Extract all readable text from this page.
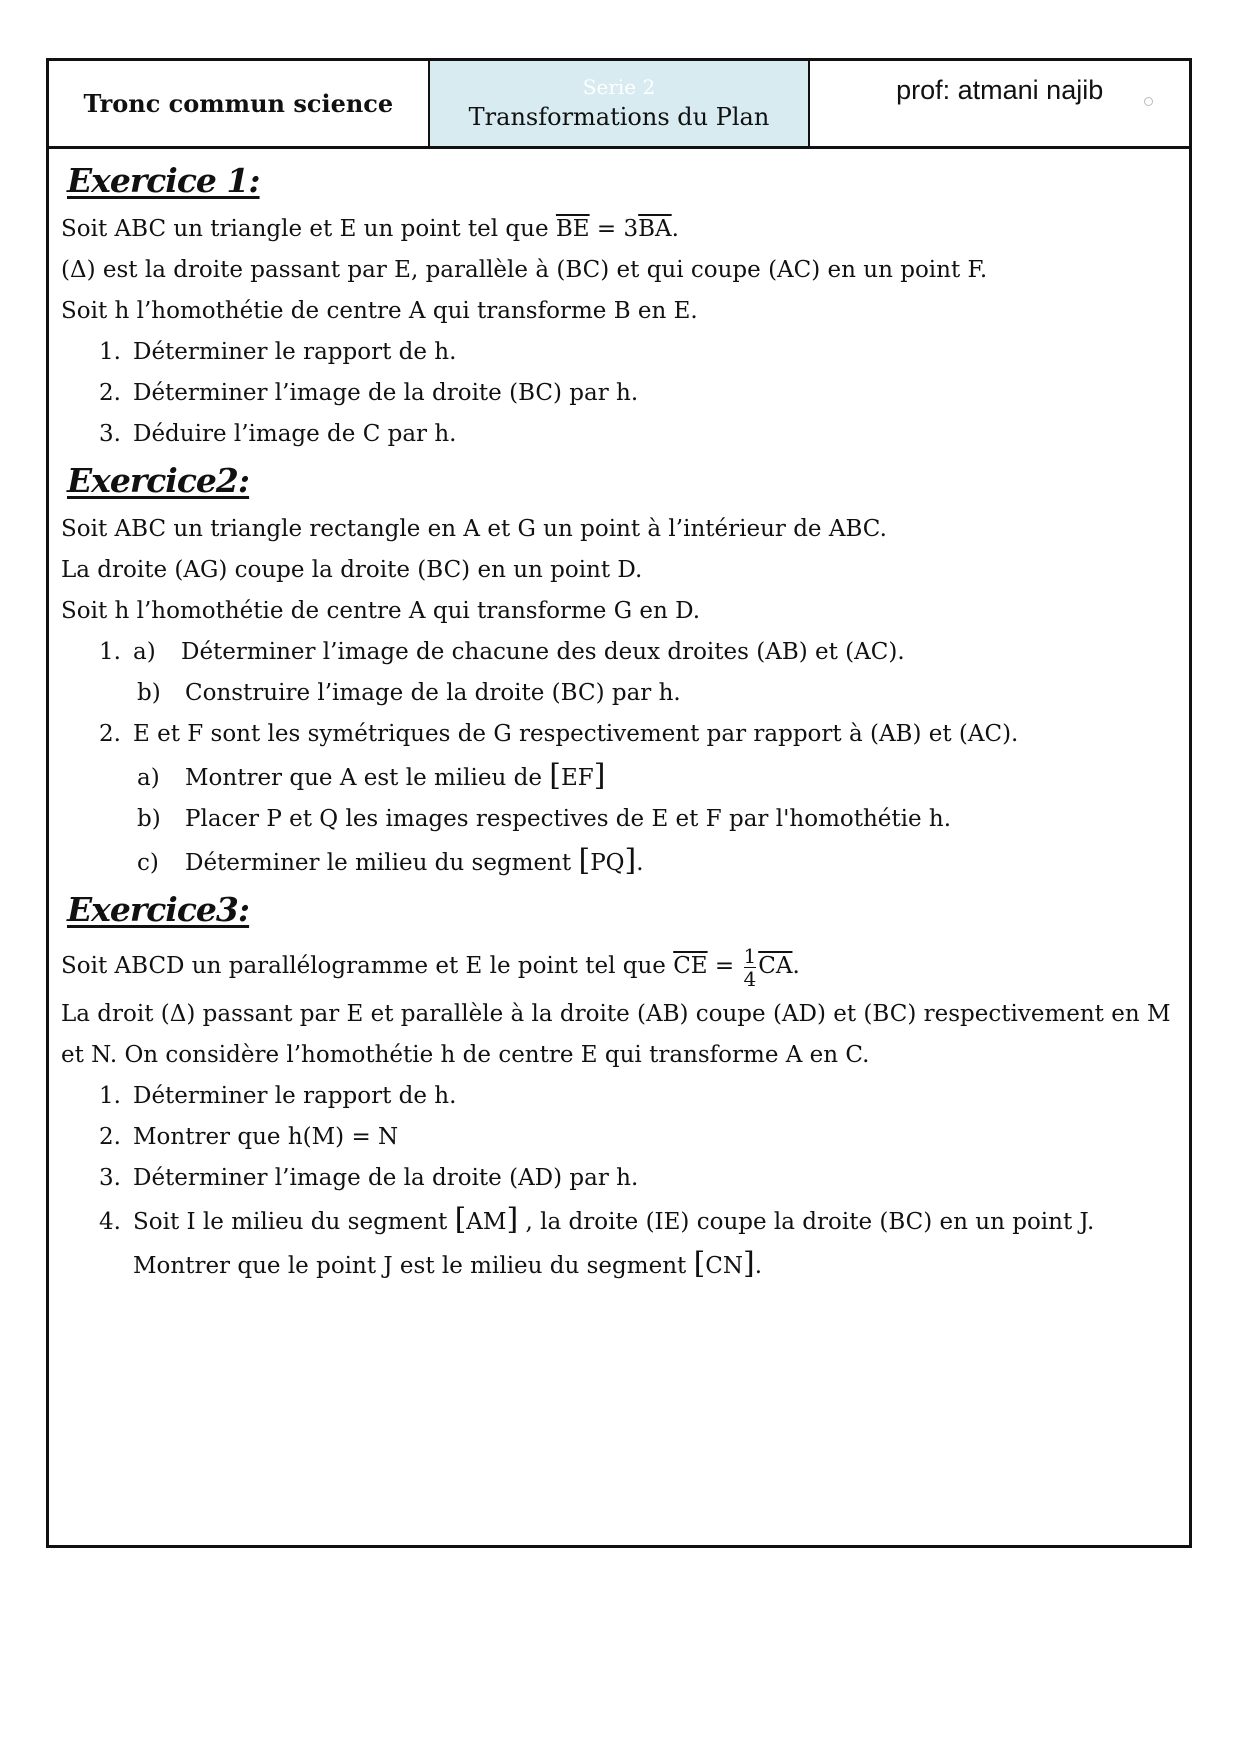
Tronc commun science
Serie 2
Transformations du Plan
prof: atmani najib
Exercice 1:
Soit ABC un triangle et E un point tel que $\overline{BE} = 3\overline{BA}$.
(Δ) est la droite passant par E, parallèle à (BC) et qui coupe (AC) en un point F.
Soit h l’homothétie de centre A qui transforme B en E.
1. Déterminer le rapport de h.
2. Déterminer l’image de la droite (BC) par h.
3. Déduire l’image de C par h.
Exercice2:
Soit ABC un triangle rectangle en A et G un point à l’intérieur de ABC.
La droite (AG) coupe la droite (BC) en un point D.
Soit h l’homothétie de centre A qui transforme G en D.
1. a) Déterminer l’image de chacune des deux droites (AB) et (AC).
b) Construire l’image de la droite (BC) par h.
2. E et F sont les symétriques de G respectivement par rapport à (AB) et (AC).
a) Montrer que A est le milieu de [EF]
b) Placer P et Q les images respectives de E et F par l'homothétie h.
c) Déterminer le milieu du segment [PQ].
Exercice3:
Soit ABCD un parallélogramme et E le point tel que $\overline{CE} = \frac{1}{4} \overline{CA}$.
La droit (Δ) passant par E et parallèle à la droite (AB) coupe (AD) et (BC) respectivement en M
et N. On considère l’homothétie h de centre E qui transforme A en C.
1. Déterminer le rapport de h.
2. Montrer que h(M) = N
3. Déterminer l’image de la droite (AD) par h.
4. Soit I le milieu du segment [AM] , la droite (IE) coupe la droite (BC) en un point J.
Montrer que le point J est le milieu du segment [CN].
